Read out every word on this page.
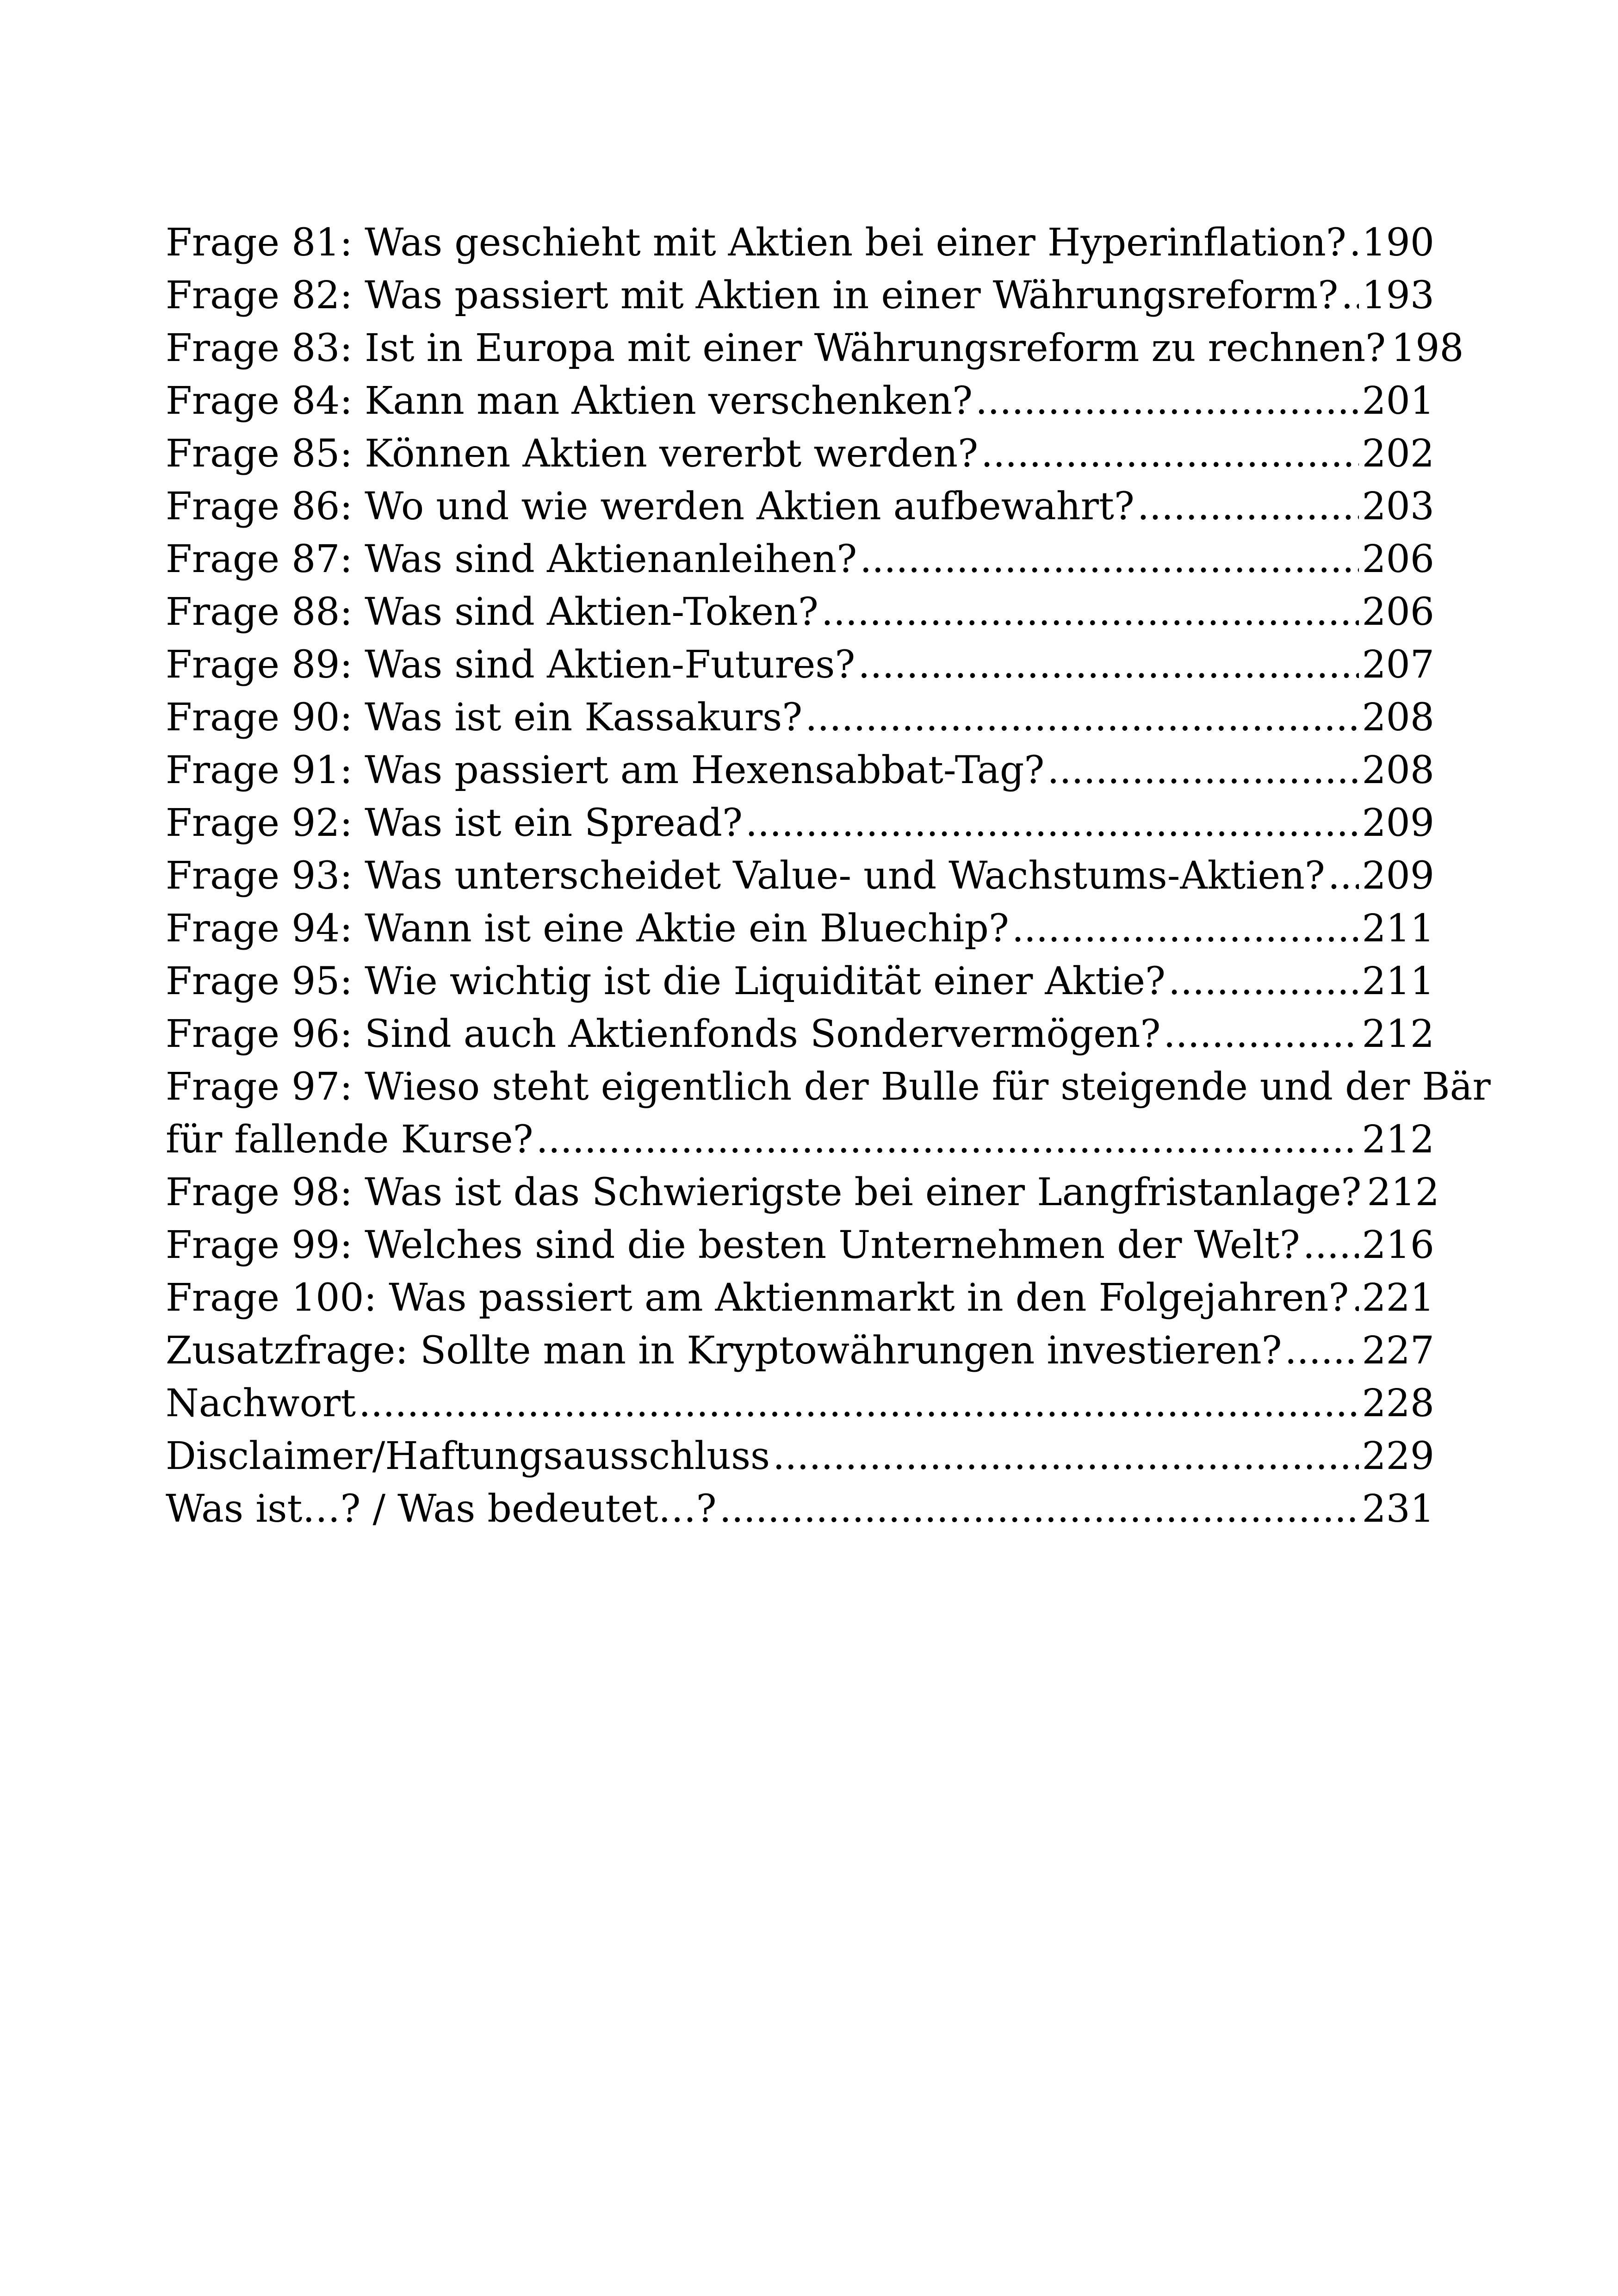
Frage 81: Was geschieht mit Aktien bei einer Hyperinflation? ..... 190
Frage 82: Was passiert mit Aktien in einer Währungsreform? ..... 193
Frage 83: Ist in Europa mit einer Währungsreform zu rechnen? 198
Frage 84: Kann man Aktien verschenken? .....	201
Frage 85: Können Aktien vererbt werden? .....	202
Frage 86: Wo und wie werden Aktien aufbewahrt? .....	203
Frage 87: Was sind Aktienanleihen? .....	206
Frage 88: Was sind Aktien-Token? .....	206
Frage 89: Was sind Aktien-Futures? .....	207
Frage 90: Was ist ein Kassakurs? .....	208
Frage 91: Was passiert am Hexensabbat-Tag? .....	208
Frage 92: Was ist ein Spread? .....	209
Frage 93: Was unterscheidet Value- und Wachstums-Aktien? ..... 209
Frage 94: Wann ist eine Aktie ein Bluechip? .....	211
Frage 95: Wie wichtig ist die Liquidität einer Aktie? .....	211
Frage 96: Sind auch Aktienfonds Sondervermögen? .....	212
Frage 97: Wieso steht eigentlich der Bulle für steigende und der Bär
für fallende Kurse? .....	212
Frage 98: Was ist das Schwierigste bei einer Langfristanlage? 212
Frage 99: Welches sind die besten Unternehmen der Welt? ..... 216
Frage 100: Was passiert am Aktienmarkt in den Folgejahren? ..... 221
Zusatzfrage: Sollte man in Kryptowährungen investieren? ..... 227
Nachwort .....	228
Disclaimer/Haftungsausschluss .....	229
Was ist…? / Was bedeutet…? .....	231
